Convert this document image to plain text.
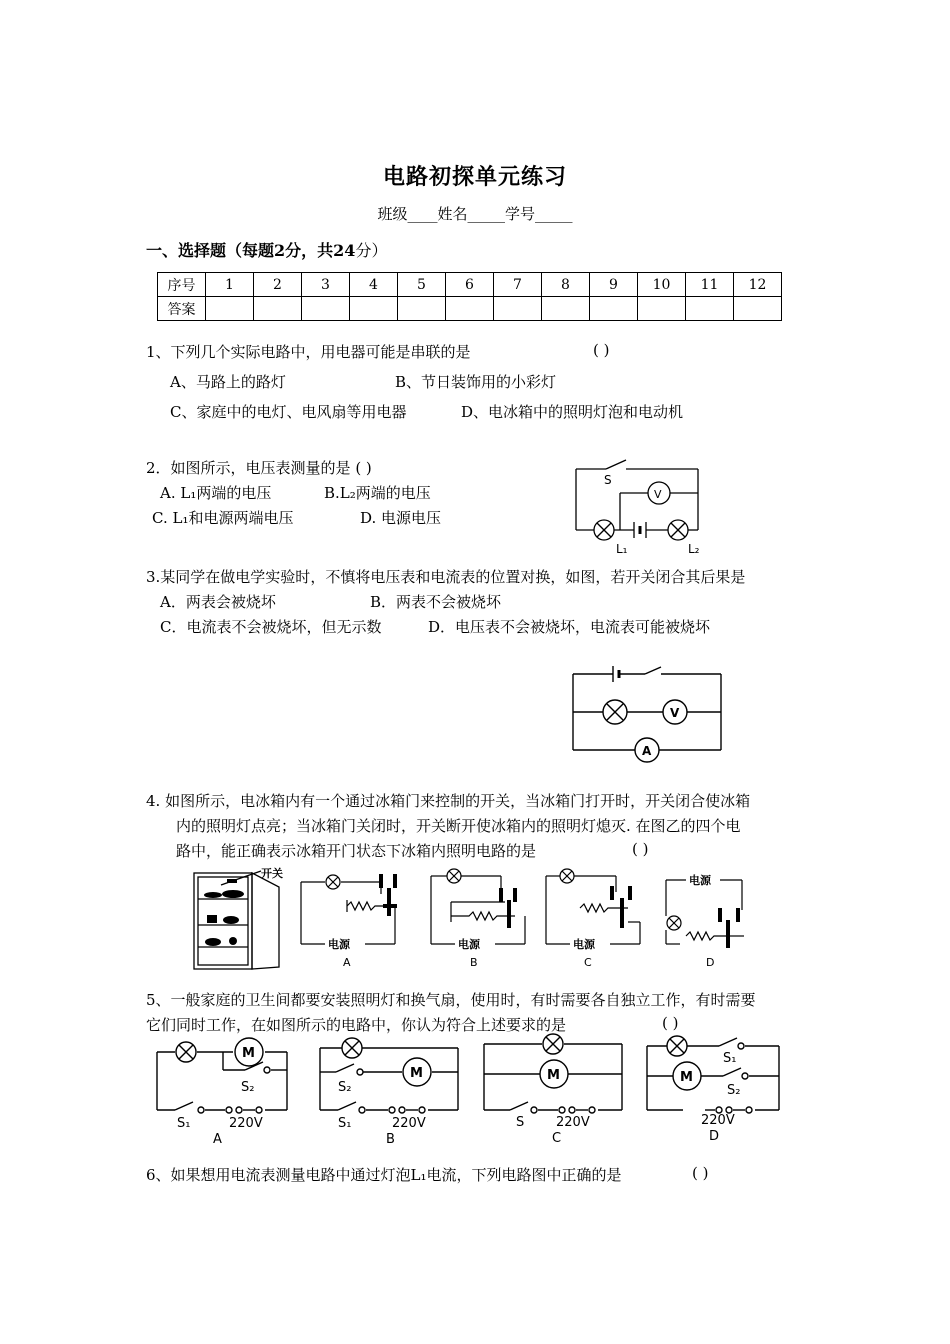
电路初探单元练习
班级____姓名_____学号_____
一、选择题（每题2分，共24分）
序号	1	2	3	4	5	6	7	8	9	10	11	12
答案												
1、下列几个实际电路中，用电器可能是串联的是	( )
A、马路上的路灯	B、节日装饰用的小彩灯
C、家庭中的电灯、电风扇等用电器	D、电冰箱中的照明灯泡和电动机
2．如图所示，电压表测量的是 ( )
A. L₁两端的电压	B.L₂两端的电压
C. L₁和电源两端电压	D. 电源电压
S
V
L₁	L₂
3.某同学在做电学实验时，不慎将电压表和电流表的位置对换，如图，若开关闭合其后果是
A．两表会被烧坏	B．两表不会被烧坏
C．电流表不会被烧坏，但无示数	D．电压表不会被烧坏，电流表可能被烧坏
V
A
4. 如图所示，电冰箱内有一个通过冰箱门来控制的开关，当冰箱门打开时，开关闭合使冰箱
内的照明灯点亮；当冰箱门关闭时，开关断开使冰箱内的照明灯熄灭. 在图乙的四个电
路中，能正确表示冰箱开门状态下冰箱内照明电路的是	( )
开关
电源
A
电源
B
电源
C
电源
D
5、一般家庭的卫生间都要安装照明灯和换气扇，使用时，有时需要各自独立工作，有时需要
它们同时工作，在如图所示的电路中，你认为符合上述要求的是	( )
M
S₂
S₁	220V
A
M
S₂
S₁	220V
B
M
S 220V
C
M
S₁
S₂
220V
D
6、如果想用电流表测量电路中通过灯泡L₁电流，下列电路图中正确的是	( )
